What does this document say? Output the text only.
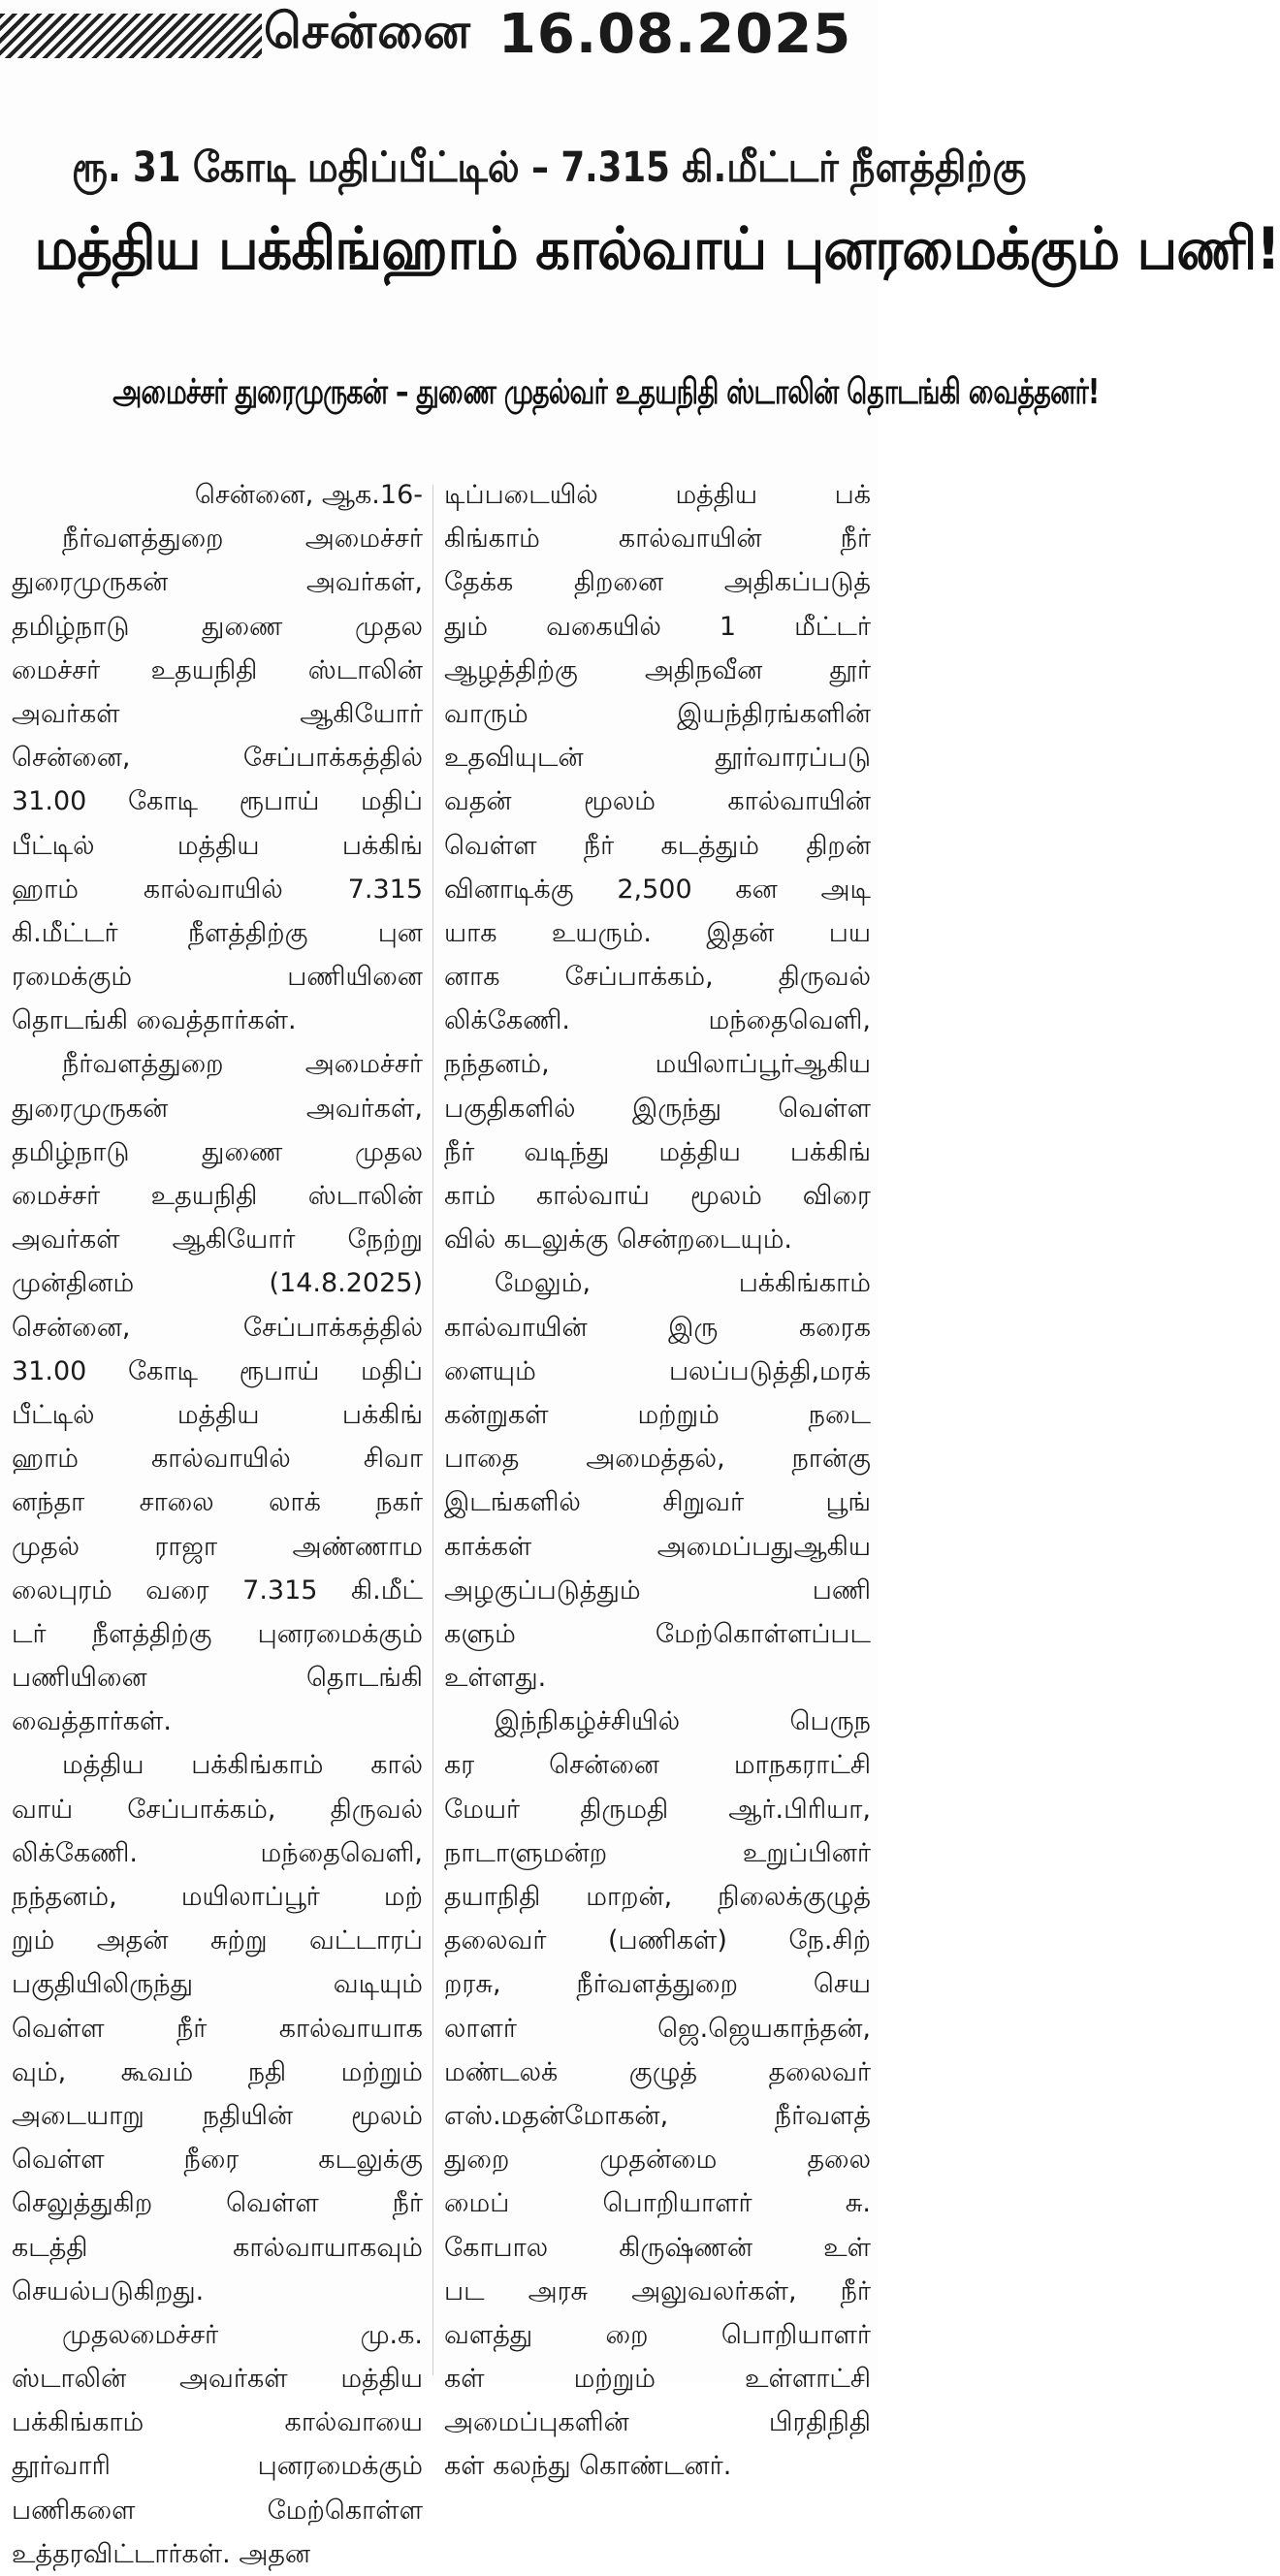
சென்னை 16.08.2025
ரூ. 31 கோடி மதிப்பீட்டில் – 7.315 கி.மீட்டர் நீளத்திற்கு
மத்திய பக்கிங்ஹாம் கால்வாய் புனரமைக்கும் பணி!
அமைச்சர் துரைமுருகன் – துணை முதல்வர் உதயநிதி ஸ்டாலின் தொடங்கி வைத்தனர்!
சென்னை, ஆக.16-
நீர்வளத்துறை அமைச்சர்
துரைமுருகன் அவர்கள்,
தமிழ்நாடு துணை முதல
மைச்சர் உதயநிதி ஸ்டாலின்
அவர்கள் ஆகியோர்
சென்னை, சேப்பாக்கத்தில்
31.00 கோடி ரூபாய் மதிப்
பீட்டில் மத்திய பக்கிங்
ஹாம் கால்வாயில் 7.315
கி.மீட்டர் நீளத்திற்கு புன
ரமைக்கும் பணியினை
தொடங்கி வைத்தார்கள்.
நீர்வளத்துறை அமைச்சர்
துரைமுருகன் அவர்கள்,
தமிழ்நாடு துணை முதல
மைச்சர் உதயநிதி ஸ்டாலின்
அவர்கள் ஆகியோர் நேற்று
முன்தினம் (14.8.2025)
சென்னை, சேப்பாக்கத்தில்
31.00 கோடி ரூபாய் மதிப்
பீட்டில் மத்திய பக்கிங்
ஹாம் கால்வாயில் சிவா
னந்தா சாலை லாக் நகர்
முதல் ராஜா அண்ணாம
லைபுரம் வரை 7.315 கி.மீட்
டர் நீளத்திற்கு புனரமைக்கும்
பணியினை தொடங்கி
வைத்தார்கள்.
மத்திய பக்கிங்காம் கால்
வாய் சேப்பாக்கம், திருவல்
லிக்கேணி. மந்தைவெளி,
நந்தனம், மயிலாப்பூர் மற்
றும் அதன் சுற்று வட்டாரப்
பகுதியிலிருந்து வடியும்
வெள்ள நீர் கால்வாயாக
வும், கூவம் நதி மற்றும்
அடையாறு நதியின் மூலம்
வெள்ள நீரை கடலுக்கு
செலுத்துகிற வெள்ள நீர்
கடத்தி கால்வாயாகவும்
செயல்படுகிறது.
முதலமைச்சர் மு.க.
ஸ்டாலின் அவர்கள் மத்திய
பக்கிங்காம் கால்வாயை
தூர்வாரி புனரமைக்கும்
பணிகளை மேற்கொள்ள
உத்தரவிட்டார்கள். அதன
டிப்படையில் மத்திய பக்
கிங்காம் கால்வாயின் நீர்
தேக்க திறனை அதிகப்படுத்
தும் வகையில் 1 மீட்டர்
ஆழத்திற்கு அதிநவீன தூர்
வாரும் இயந்திரங்களின்
உதவியுடன் தூர்வாரப்படு
வதன் மூலம் கால்வாயின்
வெள்ள நீர் கடத்தும் திறன்
வினாடிக்கு 2,500 கன அடி
யாக உயரும். இதன் பய
னாக சேப்பாக்கம், திருவல்
லிக்கேணி. மந்தைவெளி,
நந்தனம், மயிலாப்பூர்ஆகிய
பகுதிகளில் இருந்து வெள்ள
நீர் வடிந்து மத்திய பக்கிங்
காம் கால்வாய் மூலம் விரை
வில் கடலுக்கு சென்றடையும்.
மேலும், பக்கிங்காம்
கால்வாயின் இரு கரைக
ளையும் பலப்படுத்தி,மரக்
கன்றுகள் மற்றும் நடை
பாதை அமைத்தல், நான்கு
இடங்களில் சிறுவர் பூங்
காக்கள் அமைப்பதுஆகிய
அழகுப்படுத்தும் பணி
களும் மேற்கொள்ளப்பட
உள்ளது.
இந்நிகழ்ச்சியில் பெருந
கர சென்னை மாநகராட்சி
மேயர் திருமதி ஆர்.பிரியா,
நாடாளுமன்ற உறுப்பினர்
தயாநிதி மாறன், நிலைக்குழுத்
தலைவர் (பணிகள்) நே.சிற்
றரசு, நீர்வளத்துறை செய
லாளர் ஜெ.ஜெயகாந்தன்,
மண்டலக் குழுத் தலைவர்
எஸ்.மதன்மோகன், நீர்வளத்
துறை முதன்மை தலை
மைப் பொறியாளர் சு.
கோபால கிருஷ்ணன் உள்
பட அரசு அலுவலர்கள், நீர்
வளத்து றை பொறியாளர்
கள் மற்றும் உள்ளாட்சி
அமைப்புகளின் பிரதிநிதி
கள் கலந்து கொண்டனர்.
